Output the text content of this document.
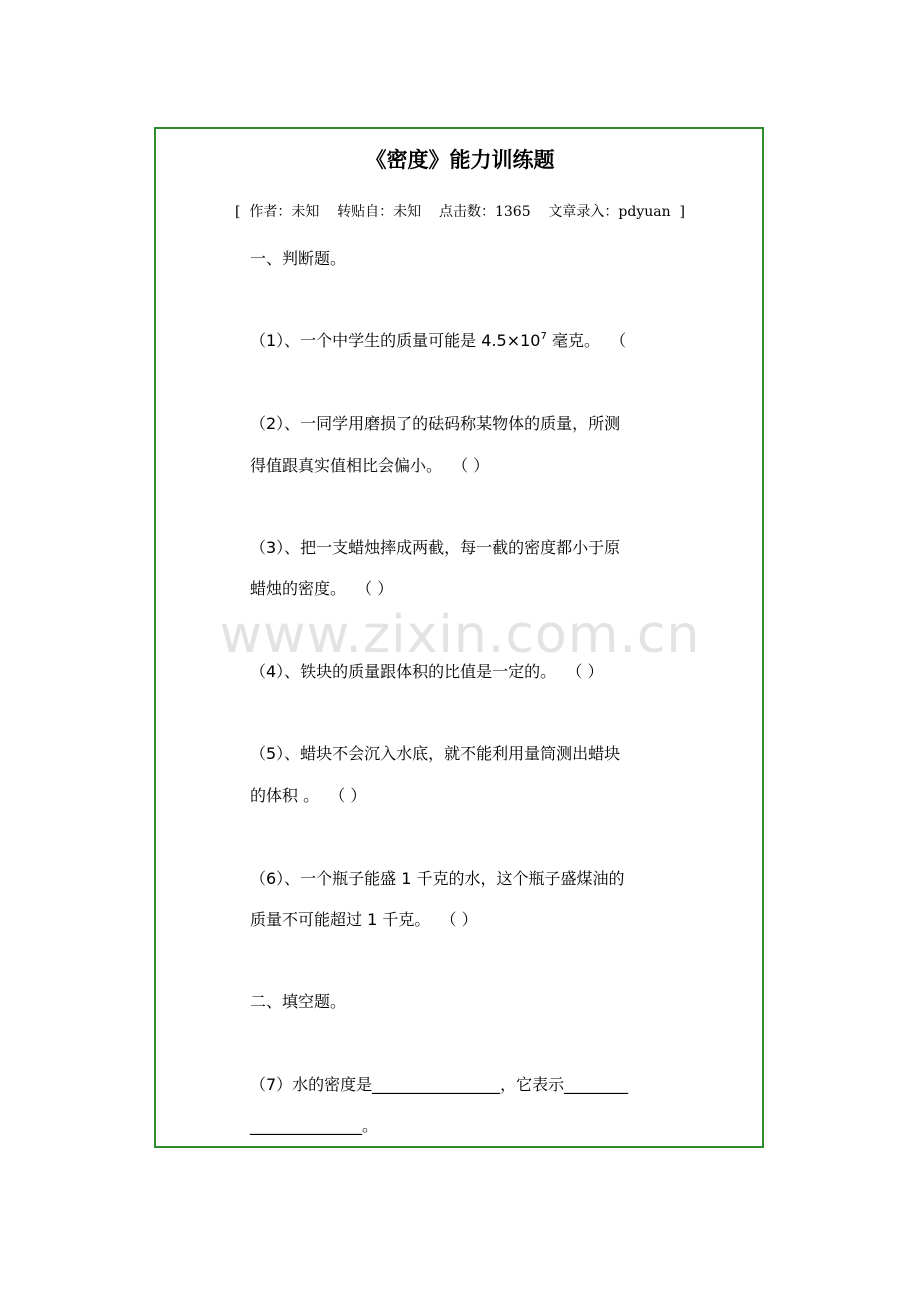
www.zixin.com.cn
《密度》能力训练题
[  作者：未知    转贴自：未知    点击数：1365    文章录入：pdyuan  ]
一、判断题。
（1）、一个中学生的质量可能是 $4.5\times 10^7$ 毫克。  （
（2）、一同学用磨损了的砝码称某物体的质量，所测
得值跟真实值相比会偏小。  （ ）
（3）、把一支蜡烛摔成两截，每一截的密度都小于原
蜡烛的密度。  （ ）
（4）、铁块的质量跟体积的比值是一定的。  （ ）
（5）、蜡块不会沉入水底，就不能利用量筒测出蜡块
的体积 。  （ ）
（6）、一个瓶子能盛 1 千克的水，这个瓶子盛煤油的
质量不可能超过 1 千克。  （ ）
二、填空题。
（7）水的密度是________________，它表示________
______________。
